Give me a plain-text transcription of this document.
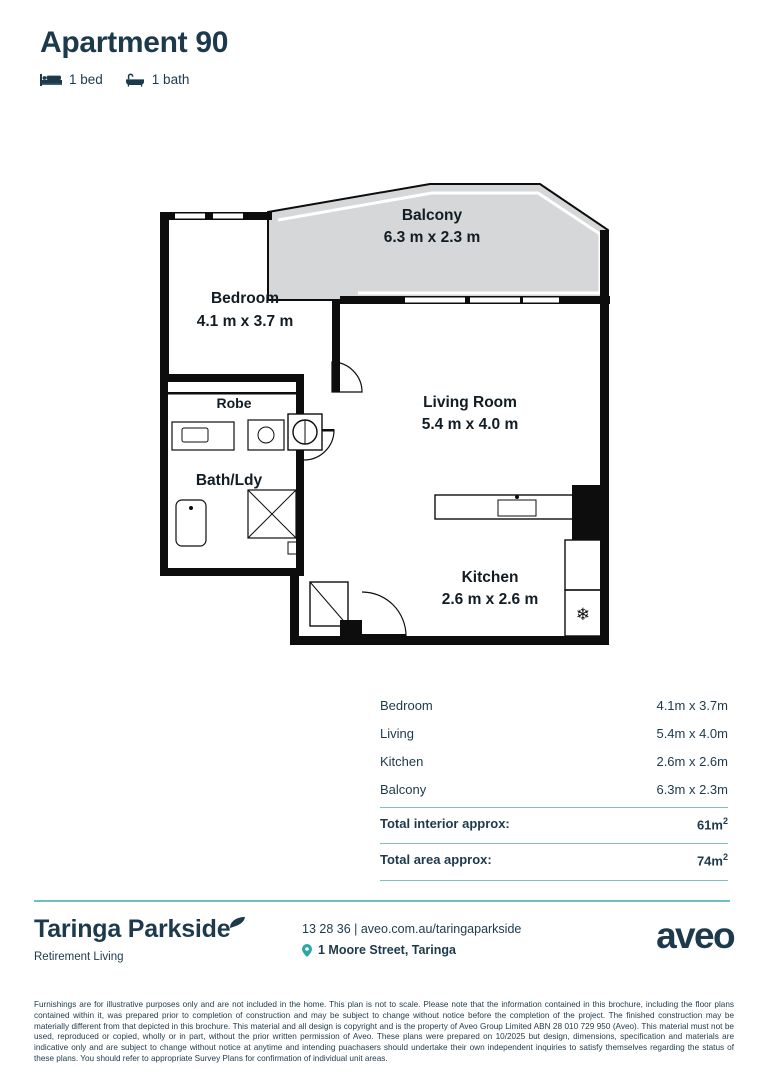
Apartment 90
1 bed	1 bath
❄
Balcony
6.3 m x 2.3 m
Bedroom
4.1 m x 3.7 m
Living Room
5.4 m x 4.0 m
Kitchen
2.6 m x 2.6 m
Bath/Ldy
Robe
Bedroom	4.1m x 3.7m
Living	5.4m x 4.0m
Kitchen	2.6m x 2.6m
Balcony	6.3m x 2.3m
Total interior approx:	$61m^2$
Total area approx:	$74m^2$
Taringa Parkside
Retirement Living
13 28 36 | aveo.com.au/taringaparkside
1 Moore Street, Taringa	aveo
Furnishings are for illustrative purposes only and are not included in the home. This plan is not to scale. Please note that the information contained in this brochure, including the floor plans contained within it, was prepared prior to completion of construction and may be subject to change without notice before the completion of the project. The finished construction may be materially different from that depicted in this brochure. This material and all design is copyright and is the property of Aveo Group Limited ABN 28 010 729 950 (Aveo). This material must not be used, reproduced or copied, wholly or in part, without the prior written permission of Aveo. These plans were prepared on 10/2025 but design, dimensions, specification and materials are indicative only and are subject to change without notice at anytime and intending puachasers should undertake their own independent inquiries to satisfy themselves regarding the status of these plans. You should refer to appropriate Survey Plans for confirmation of individual unit areas.
